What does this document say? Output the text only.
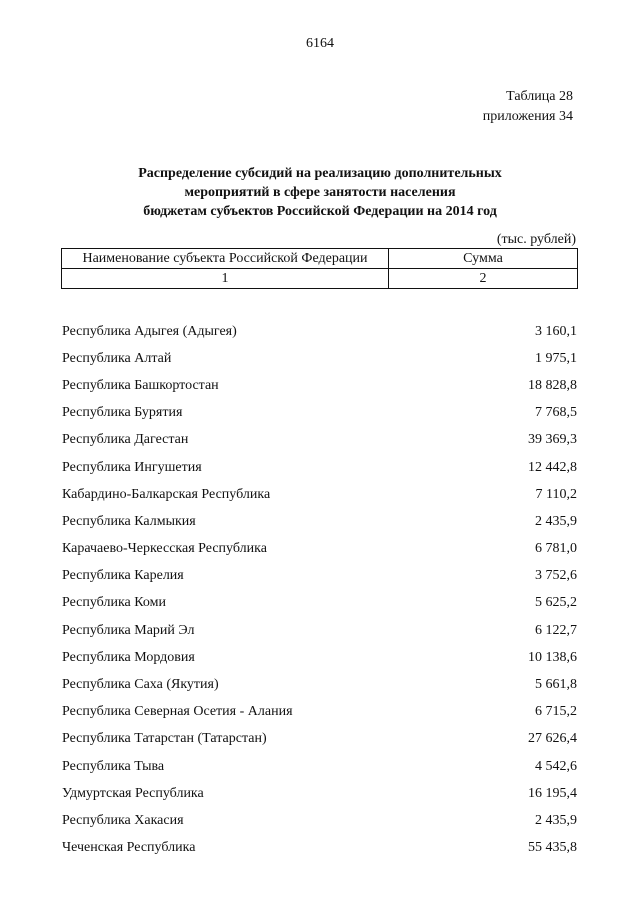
6164
Таблица 28
приложения 34
Распределение субсидий на реализацию дополнительных
мероприятий в сфере занятости населения
бюджетам субъектов Российской Федерации на 2014 год
(тыс. рублей)
Наименование субъекта Российской Федерации	Сумма
1	2
Республика Адыгея (Адыгея)	3 160,1
Республика Алтай	1 975,1
Республика Башкортостан	18 828,8
Республика Бурятия	7 768,5
Республика Дагестан	39 369,3
Республика Ингушетия	12 442,8
Кабардино-Балкарская Республика	7 110,2
Республика Калмыкия	2 435,9
Карачаево-Черкесская Республика	6 781,0
Республика Карелия	3 752,6
Республика Коми	5 625,2
Республика Марий Эл	6 122,7
Республика Мордовия	10 138,6
Республика Саха (Якутия)	5 661,8
Республика Северная Осетия - Алания	6 715,2
Республика Татарстан (Татарстан)	27 626,4
Республика Тыва	4 542,6
Удмуртская Республика	16 195,4
Республика Хакасия	2 435,9
Чеченская Республика	55 435,8
